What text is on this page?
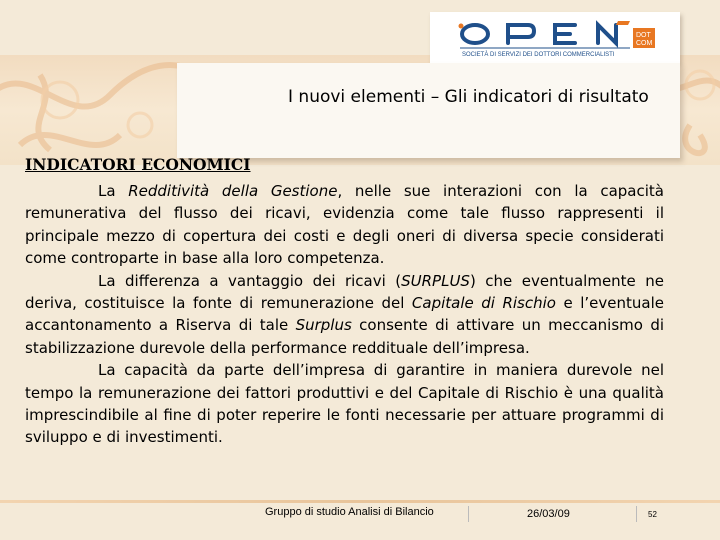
DOT
COM
SOCIETÀ DI SERVIZI DEI DOTTORI COMMERCIALISTI
I nuovi elementi – Gli indicatori di risultato
INDICATORI ECONOMICI

La Redditività della Gestione, nelle sue interazioni con la capacità remunerativa del flusso dei ricavi, evidenzia come tale flusso rappresenti il principale mezzo di copertura dei costi e degli oneri di diversa specie considerati come controparte in base alla loro competenza.

La differenza a vantaggio dei ricavi (SURPLUS) che eventualmente ne deriva, costituisce la fonte di remunerazione del Capitale di Rischio e l’eventuale accantonamento a Riserva di tale Surplus consente di attivare un meccanismo di stabilizzazione durevole della performance reddituale dell’impresa.

La capacità da parte dell’impresa di garantire in maniera durevole nel tempo la remunerazione dei fattori produttivi e del Capitale di Rischio è una qualità imprescindibile al fine di poter reperire le fonti necessarie per attuare programmi di sviluppo e di investimenti.

Gruppo di studio Analisi di Bilancio	26/03/09	52
